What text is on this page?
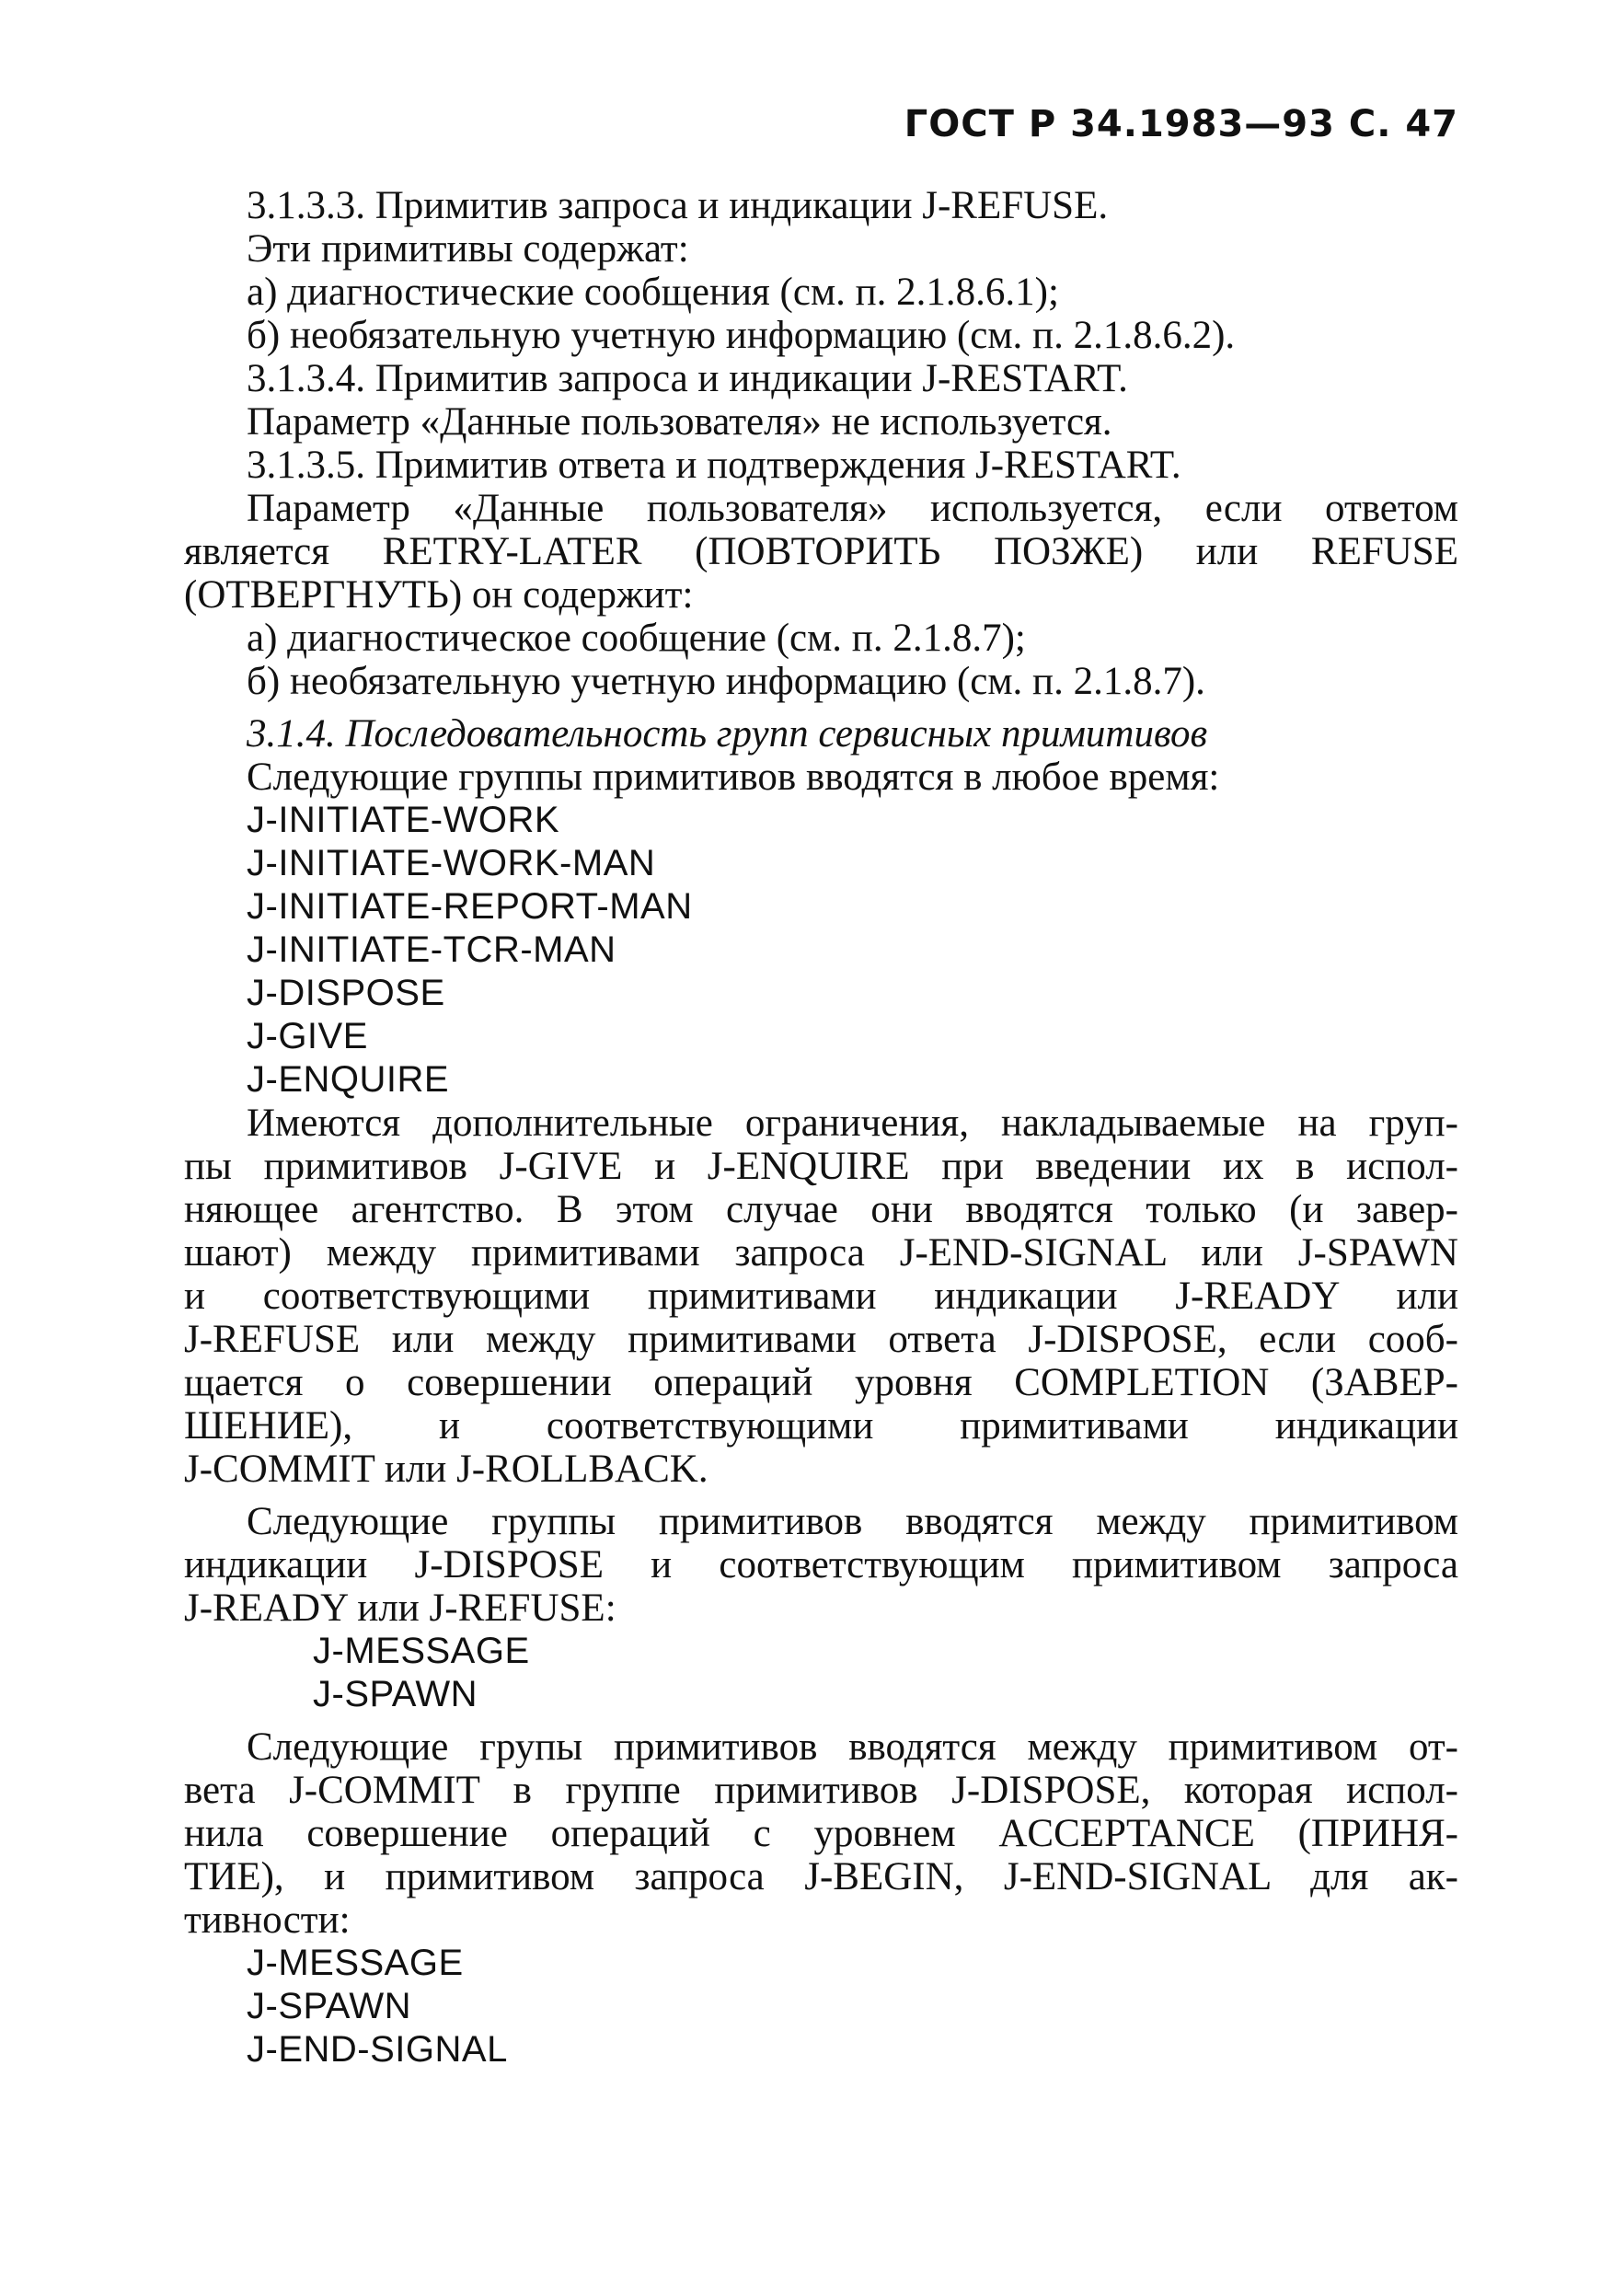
ГОСТ Р 34.1983—93 С. 47
3.1.3.3. Примитив запроса и индикации J-REFUSE.
Эти примитивы содержат:
а) диагностические сообщения (см. п. 2.1.8.6.1);
б) необязательную учетную информацию (см. п. 2.1.8.6.2).
3.1.3.4. Примитив запроса и индикации J-RESTART.
Параметр «Данные пользователя» не используется.
3.1.3.5. Примитив ответа и подтверждения J-RESTART.
Параметр «Данные пользователя» используется, если ответом
является RETRY-LATER (ПОВТОРИТЬ ПОЗЖЕ) или REFUSE
(ОТВЕРГНУТЬ) он содержит:
а) диагностическое сообщение (см. п. 2.1.8.7);
б) необязательную учетную информацию (см. п. 2.1.8.7).
3.1.4. Последовательность групп сервисных примитивов
Следующие группы примитивов вводятся в любое время:
J-INITIATE-WORK
J-INITIATE-WORK-MAN
J-INITIATE-REPORT-MAN
J-INITIATE-TCR-MAN
J-DISPOSE
J-GIVE
J-ENQUIRE
Имеются дополнительные ограничения, накладываемые на груп-
пы примитивов J-GIVE и J-ENQUIRE при введении их в испол-
няющее агентство. В этом случае они вводятся только (и завер-
шают) между примитивами запроса J-END-SIGNAL или J-SPAWN
и соответствующими примитивами индикации J-READY или
J-REFUSE или между примитивами ответа J-DISPOSE, если сооб-
щается о совершении операций уровня COMPLETION (ЗАВЕР-
ШЕНИЕ), и соответствующими примитивами индикации
J-COMMIT или J-ROLLBACK.
Следующие группы примитивов вводятся между примитивом
индикации J-DISPOSE и соответствующим примитивом запроса
J-READY или J-REFUSE:
J-MESSAGE
J-SPAWN
Следующие групы примитивов вводятся между примитивом от-
вета J-COMMIT в группе примитивов J-DISPOSE, которая испол-
нила совершение операций с уровнем ACCEPTANCE (ПРИНЯ-
ТИЕ), и примитивом запроса J-BEGIN, J-END-SIGNAL для ак-
тивности:
J-MESSAGE
J-SPAWN
J-END-SIGNAL
